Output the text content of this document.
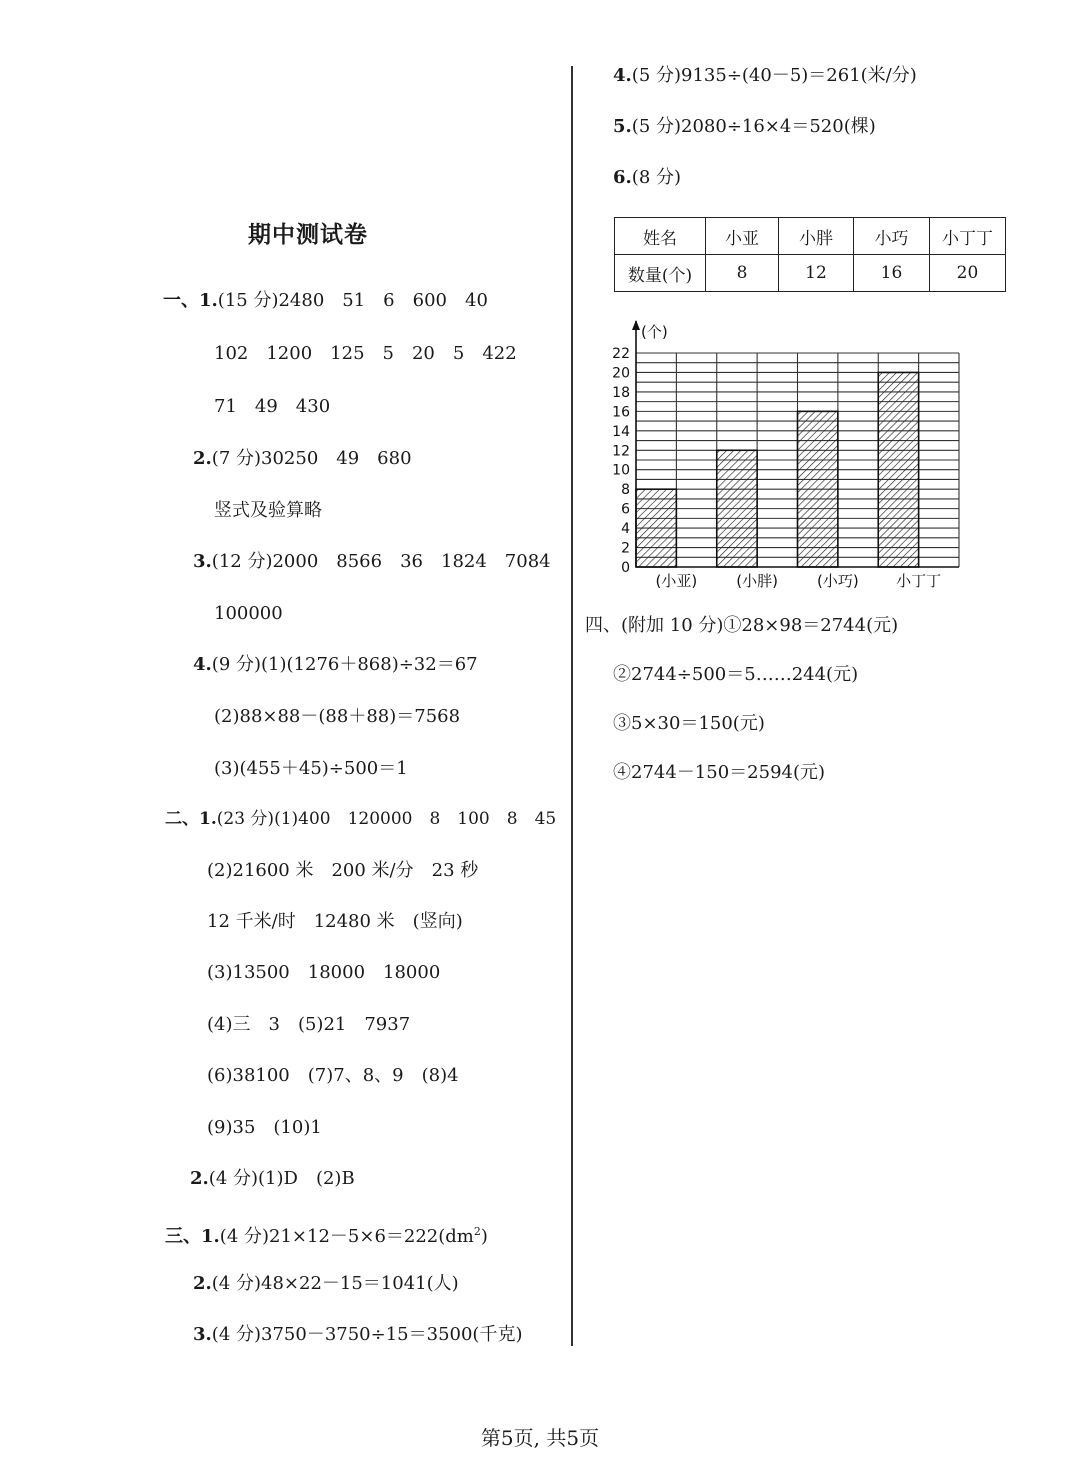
期中测试卷
一、1.(15 分)2480　51　6　600　40
102　1200　125　5　20　5　422
71　49　430
2.(7 分)30250　49　680
竖式及验算略
3.(12 分)2000　8566　36　1824　7084
100000
4.(9 分)(1)(1276＋868)÷32＝67
(2)88×88－(88＋88)＝7568
(3)(455＋45)÷500＝1
二、1.(23 分)(1)400　120000　8　100　8　45
(2)21600 米　200 米/分　23 秒
12 千米/时　12480 米　(竖向)
(3)13500　18000　18000
(4)三　3　(5)21　7937
(6)38100　(7)7、8、9　(8)4
(9)35　(10)1
2.(4 分)(1)D　(2)B
三、1.(4 分)$21\times 12-5\times 6=222(dm^2)$
2.(4 分)48×22－15＝1041(人)
3.(4 分)3750－3750÷15＝3500(千克)
4.(5 分)9135÷(40－5)＝261(米/分)
5.(5 分)2080÷16×4＝520(棵)
6.(8 分)
姓名	小亚	小胖	小巧	小丁丁
数量(个)	8	12	16	20
(个)
0
2
4
6
8
10
12
14
16
18
20
22
(小亚)	(小胖)	(小巧) 小丁丁
四、(附加 10 分)①28×98＝2744(元)
②2744÷500＝5……244(元)
③5×30＝150(元)
④2744－150＝2594(元)
第5页, 共5页
